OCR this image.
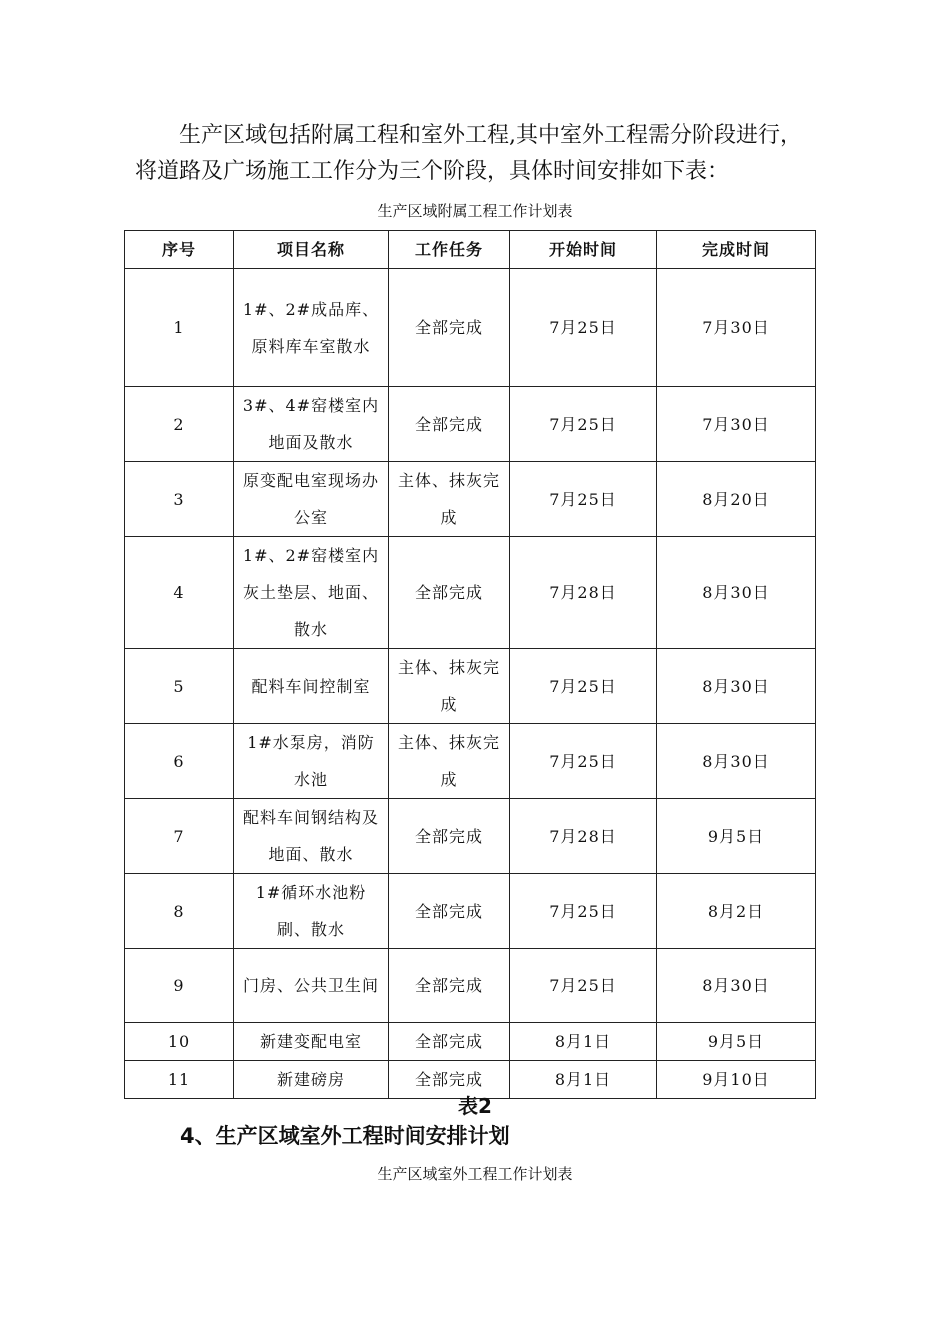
生产区域包括附属工程和室外工程,其中室外工程需分阶段进行，
将道路及广场施工工作分为三个阶段，具体时间安排如下表：

生产区域附属工程工作计划表

序号	项目名称	工作任务	开始时间	完成时间
1	1#、2#成品库、原料库车室散水	全部完成	7月25日	7月30日
2	3#、4#窑楼室内地面及散水	全部完成	7月25日	7月30日
3	原变配电室现场办公室	主体、抹灰完成	7月25日	8月20日
4	1#、2#窑楼室内灰土垫层、地面、散水	全部完成	7月28日	8月30日
5	配料车间控制室	主体、抹灰完成	7月25日	8月30日
6	1#水泵房，消防水池	主体、抹灰完成	7月25日	8月30日
7	配料车间钢结构及地面、散水	全部完成	7月28日	9月5日
8	1#循环水池粉刷、散水	全部完成	7月25日	8月2日
9	门房、公共卫生间	全部完成	7月25日	8月30日
10	新建变配电室	全部完成	8月1日	9月5日
11	新建磅房	全部完成	8月1日	9月10日
表2
4、生产区域室外工程时间安排计划

生产区域室外工程工作计划表
